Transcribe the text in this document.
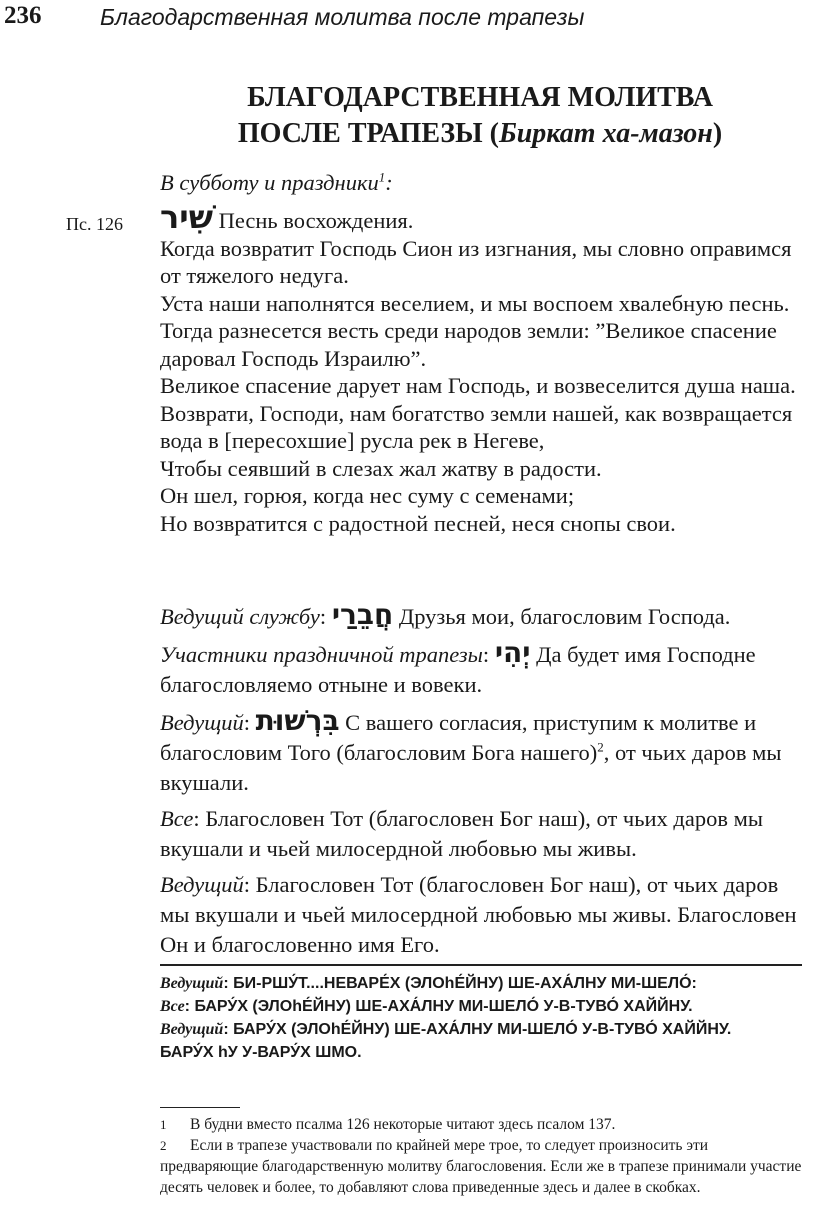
236	Благодарственная молитва после трапезы
БЛАГОДАРСТВЕННАЯ МОЛИТВА
ПОСЛЕ ТРАПЕЗЫ (Биркат ха-мазон)
В субботу и праздники$^1$:
Пс. 126 שִׁיר Песнь восхождения.

Когда возвратит Господь Сион из изгнания, мы словно оправимся от тяжелого недуга.

Уста наши наполнятся веселием, и мы воспоем хвалебную песнь.

Тогда разнесется весть среди народов земли: ”Великое спасение даровал Господь Израилю”.

Великое спасение дарует нам Господь, и возвеселится душа наша.

Возврати, Господи, нам богатство земли нашей, как возвращается вода в [пересохшие] русла рек в Негеве,

Чтобы сеявший в слезах жал жатву в радости.

Он шел, горюя, когда нес суму с семенами;

Но возвратится с радостной песней, неся снопы свои.

Ведущий службу: חֲבֵרַי Друзья мои, благословим Господа.

Участники праздничной трапезы: יְהִי Да будет имя Господне благословляемо отныне и вовеки.

Ведущий: בִּרְשׁוּת С вашего согласия, приступим к молитве и благословим Того (благословим Бога нашего)$^2$, от чьих даров мы вкушали.

Все: Благословен Тот (благословен Бог наш), от чьих даров мы вкушали и чьей милосердной любовью мы живы.

Ведущий: Благословен Тот (благословен Бог наш), от чьих даров мы вкушали и чьей милосердной любовью мы живы. Благословен Он и благословенно имя Его.

Ведущий: БИ-РШУ́Т....НЕВАРЕ́Х (ЭЛОhЕ́ЙНУ) ШЕ-АХА́ЛНУ МИ-ШЕЛО́:

Все: БАРУ́Х (ЭЛОhЕ́ЙНУ) ШЕ-АХА́ЛНУ МИ-ШЕЛО́ У-В-ТУВО́ ХАЙЙНУ.

Ведущий: БАРУ́Х (ЭЛОhЕ́ЙНУ) ШЕ-АХА́ЛНУ МИ-ШЕЛО́ У-В-ТУВО́ ХАЙЙНУ.

БАРУ́Х hУ У-ВАРУ́Х ШМО.

1 В будни вместо псалма 126 некоторые читают здесь псалом 137.

2 Если в трапезе участвовали по крайней мере трое, то следует произносить эти предваряющие благодарственную молитву благословения. Если же в трапезе принимали участие десять человек и более, то добавляют слова приведенные здесь и далее в скобках.
